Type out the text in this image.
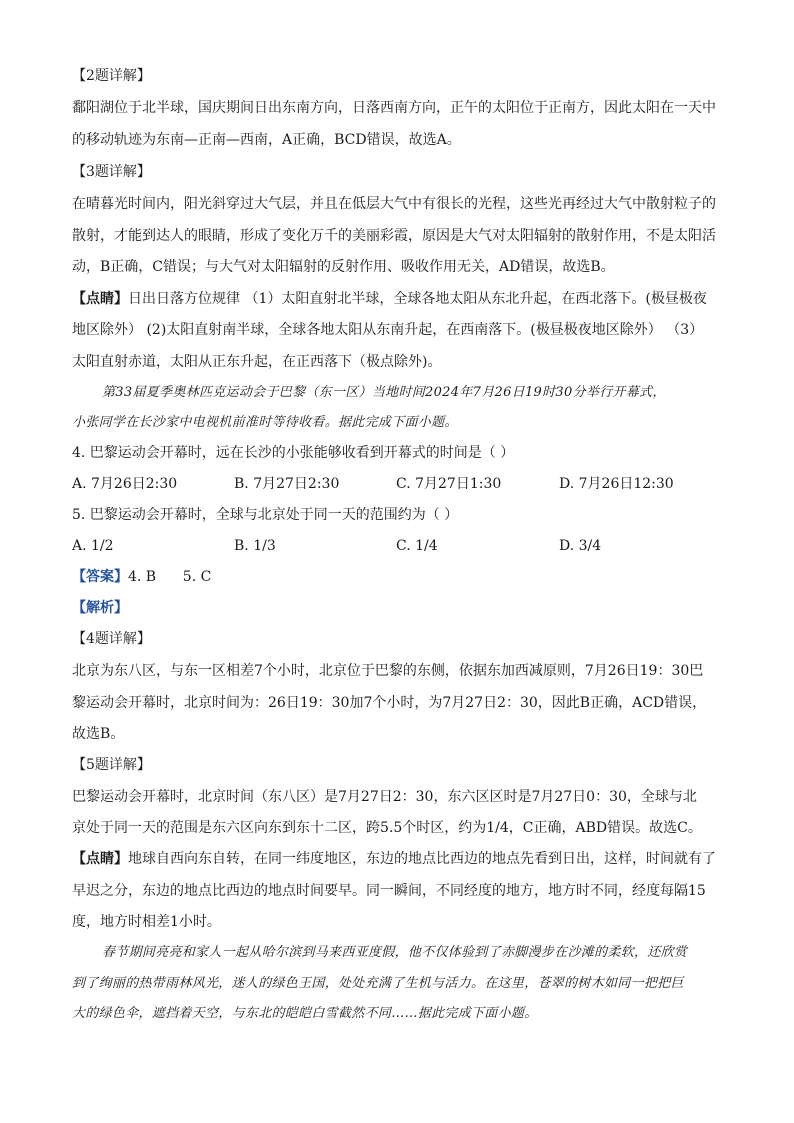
【2题详解】
鄱阳湖位于北半球，国庆期间日出东南方向，日落西南方向，正午的太阳位于正南方，因此太阳在一天中
的移动轨迹为东南—正南—西南，A正确，BCD错误，故选A。
【3题详解】
在晴暮光时间内，阳光斜穿过大气层，并且在低层大气中有很长的光程，这些光再经过大气中散射粒子的
散射，才能到达人的眼睛，形成了变化万千的美丽彩霞，原因是大气对太阳辐射的散射作用，不是太阳活
动，B正确，C错误；与大气对太阳辐射的反射作用、吸收作用无关，AD错误，故选B。
【点睛】日出日落方位规律 （1）太阳直射北半球，全球各地太阳从东北升起，在西北落下。(极昼极夜
地区除外） (2)太阳直射南半球，全球各地太阳从东南升起，在西南落下。(极昼极夜地区除外） （3）
太阳直射赤道，太阳从正东升起，在正西落下（极点除外)。
第33届夏季奥林匹克运动会于巴黎（东一区）当地时间2024年7月26日19时30分举行开幕式，
小张同学在长沙家中电视机前准时等待收看。据此完成下面小题。
4. 巴黎运动会开幕时，远在长沙的小张能够收看到开幕式的时间是（ ）
A. 7月26日2:30	B. 7月27日2:30	C. 7月27日1:30	D. 7月26日12:30
5. 巴黎运动会开幕时，全球与北京处于同一天的范围约为（ ）
A. 1/2	B. 1/3	C. 1/4	D. 3/4
【答案】4. B      5. C
【解析】
【4题详解】
北京为东八区，与东一区相差7个小时，北京位于巴黎的东侧，依据东加西减原则，7月26日19：30巴
黎运动会开幕时，北京时间为：26日19：30加7个小时，为7月27日2：30，因此B正确，ACD错误，
故选B。
【5题详解】
巴黎运动会开幕时，北京时间（东八区）是7月27日2：30，东六区区时是7月27日0：30，全球与北
京处于同一天的范围是东六区向东到东十二区，跨5.5个时区，约为1/4，C正确，ABD错误。故选C。
【点睛】地球自西向东自转，在同一纬度地区，东边的地点比西边的地点先看到日出，这样，时间就有了
早迟之分，东边的地点比西边的地点时间要早。同一瞬间，不同经度的地方，地方时不同，经度每隔15
度，地方时相差1小时。
春节期间亮亮和家人一起从哈尔滨到马来西亚度假，他不仅体验到了赤脚漫步在沙滩的柔软，还欣赏
到了绚丽的热带雨林风光，迷人的绿色王国，处处充满了生机与活力。在这里，苍翠的树木如同一把把巨
大的绿色伞，遮挡着天空，与东北的皑皑白雪截然不同……据此完成下面小题。
